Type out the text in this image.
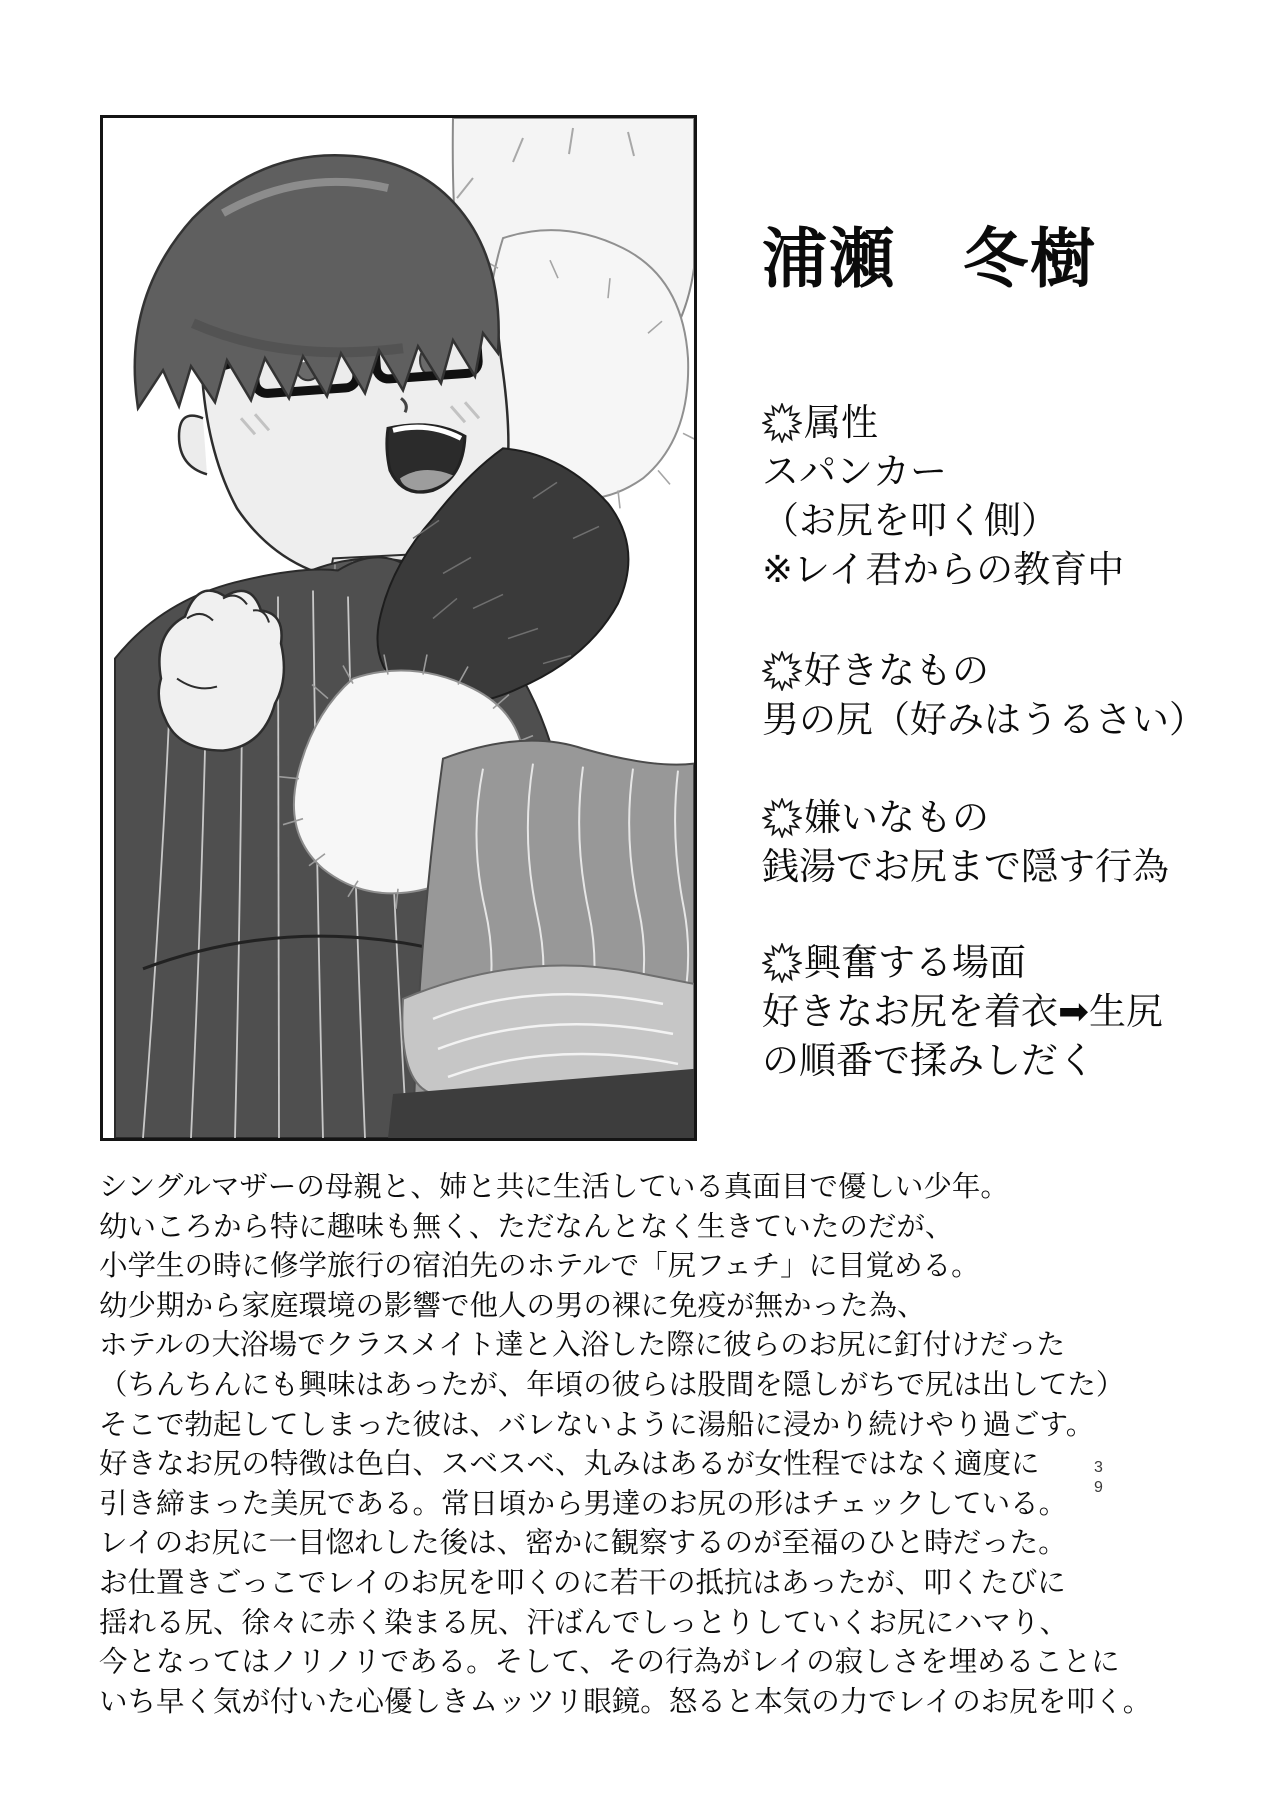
浦瀬　冬樹
属性
スパンカー
（お尻を叩く側）
※レイ君からの教育中
好きなもの
男の尻（好みはうるさい）
嫌いなもの
銭湯でお尻まで隠す行為
興奮する場面
好きなお尻を着衣➡生尻
の順番で揉みしだく
シングルマザーの母親と、姉と共に生活している真面目で優しい少年。
幼いころから特に趣味も無く、ただなんとなく生きていたのだが、
小学生の時に修学旅行の宿泊先のホテルで「尻フェチ」に目覚める。
幼少期から家庭環境の影響で他人の男の裸に免疫が無かった為、
ホテルの大浴場でクラスメイト達と入浴した際に彼らのお尻に釘付けだった
（ちんちんにも興味はあったが、年頃の彼らは股間を隠しがちで尻は出してた）
そこで勃起してしまった彼は、バレないように湯船に浸かり続けやり過ごす。
好きなお尻の特徴は色白、スベスベ、丸みはあるが女性程ではなく適度に
引き締まった美尻である。常日頃から男達のお尻の形はチェックしている。
レイのお尻に一目惚れした後は、密かに観察するのが至福のひと時だった。
お仕置きごっこでレイのお尻を叩くのに若干の抵抗はあったが、叩くたびに
揺れる尻、徐々に赤く染まる尻、汗ばんでしっとりしていくお尻にハマり、
今となってはノリノリである。そして、その行為がレイの寂しさを埋めることに
いち早く気が付いた心優しきムッツリ眼鏡。怒ると本気の力でレイのお尻を叩く。
3
9
